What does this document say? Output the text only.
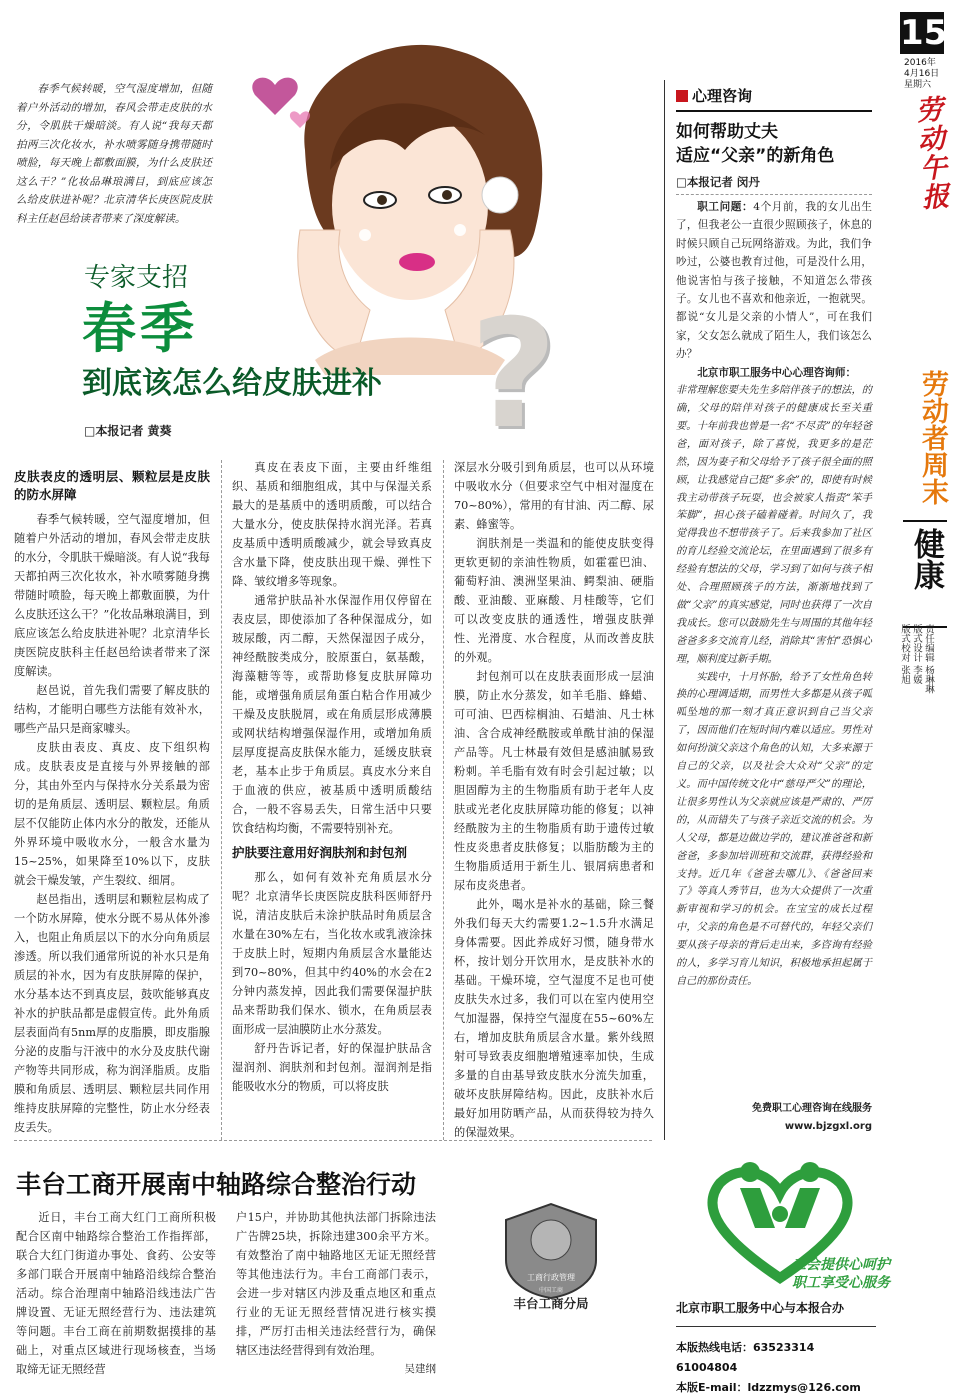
15
2016年
4月16日
星期六
劳动午报
劳动者周末
健康
责任编辑 杨琳琳
版式设计 李媛
版式校对 张旭
?

春季气候转暖，空气湿度增加，但随着户外活动的增加，春风会带走皮肤的水分，令肌肤干燥暗淡。有人说“我每天都拍两三次化妆水，补水喷雾随身携带随时喷脸，每天晚上都敷面膜，为什么皮肤还这么干？”化妆品琳琅满目，到底应该怎么给皮肤进补呢？北京清华长庚医院皮肤科主任赵邑给读者带来了深度解读。

专家支招
春季
到底该怎么给皮肤进补
□本报记者 黄葵
皮肤表皮的透明层、颗粒层是皮肤的防水屏障

春季气候转暖，空气湿度增加，但随着户外活动的增加，春风会带走皮肤的水分，令肌肤干燥暗淡。有人说“我每天都拍两三次化妆水，补水喷雾随身携带随时喷脸，每天晚上都敷面膜，为什么皮肤还这么干？”化妆品琳琅满目，到底应该怎么给皮肤进补呢？北京清华长庚医院皮肤科主任赵邑给读者带来了深度解读。

赵邑说，首先我们需要了解皮肤的结构，才能明白哪些方法能有效补水，哪些产品只是商家噱头。

皮肤由表皮、真皮、皮下组织构成。皮肤表皮是直接与外界接触的部分，其由外至内与保持水分关系最为密切的是角质层、透明层、颗粒层。角质层不仅能防止体内水分的散发，还能从外界环境中吸收水分，一般含水量为15~25%，如果降至10%以下，皮肤就会干燥发皱，产生裂纹、细屑。

赵邑指出，透明层和颗粒层构成了一个防水屏障，使水分既不易从体外渗入，也阻止角质层以下的水分向角质层渗透。所以我们通常所说的补水只是角质层的补水，因为有皮肤屏障的保护，水分基本达不到真皮层，鼓吹能够真皮补水的护肤品都是虚假宣传。此外角质层表面尚有5nm厚的皮脂膜，即皮脂腺分泌的皮脂与汗液中的水分及皮肤代谢产物等共同形成，称为润泽脂质。皮脂膜和角质层、透明层、颗粒层共同作用维持皮肤屏障的完整性，防止水分经表皮丢失。

真皮在表皮下面，主要由纤维组织、基质和细胞组成，其中与保湿关系最大的是基质中的透明质酸，可以结合大量水分，使皮肤保持水润光泽。若真皮基质中透明质酸减少，就会导致真皮含水量下降，使皮肤出现干燥、弹性下降、皱纹增多等现象。

通常护肤品补水保湿作用仅停留在表皮层，即使添加了各种保湿成分，如玻尿酸，丙二醇，天然保湿因子成分，神经酰胺类成分，胶原蛋白，氨基酸，海藻糖等等，或帮助修复皮肤屏障功能，或增强角质层角蛋白粘合作用减少干燥及皮肤脱屑，或在角质层形成薄膜或网状结构增强保湿作用，或增加角质层厚度提高皮肤保水能力，延缓皮肤衰老，基本止步于角质层。真皮水分来自于血液的供应，被基质中透明质酸结合，一般不容易丢失，日常生活中只要饮食结构均衡，不需要特别补充。

护肤要注意用好润肤剂和封包剂

那么，如何有效补充角质层水分呢？北京清华长庚医院皮肤科医师舒丹说，清洁皮肤后未涂护肤品时角质层含水量在30%左右，当化妆水或乳液涂抹于皮肤上时，短期内角质层含水量能达到70~80%，但其中约40%的水会在2分钟内蒸发掉，因此我们需要保湿护肤品来帮助我们保水、锁水，在角质层表面形成一层油膜防止水分蒸发。

舒丹告诉记者，好的保湿护肤品含湿润剂、润肤剂和封包剂。湿润剂是指能吸收水分的物质，可以将皮肤

深层水分吸引到角质层，也可以从环境中吸收水分（但要求空气中相对湿度在70~80%），常用的有甘油、丙二醇、尿素、蜂蜜等。

润肤剂是一类温和的能使皮肤变得更软更韧的亲油性物质，如霍霍巴油、葡萄籽油、澳洲坚果油、鳄梨油、硬脂酸、亚油酸、亚麻酸、月桂酸等，它们可以改变皮肤的通透性，增强皮肤弹性、光滑度、水合程度，从而改善皮肤的外观。

封包剂可以在皮肤表面形成一层油膜，防止水分蒸发，如羊毛脂、蜂蜡、可可油、巴西棕榈油、石蜡油、凡士林油、含合成神经酰胺或单酰甘油的保湿产品等。凡士林最有效但是感油腻易致粉刺。羊毛脂有效有时会引起过敏；以胆固醇为主的生物脂质有助于老年人皮肤或光老化皮肤屏障功能的修复；以神经酰胺为主的生物脂质有助于遗传过敏性皮炎患者皮肤修复；以脂肪酸为主的生物脂质适用于新生儿、银屑病患者和尿布皮炎患者。

此外，喝水是补水的基础，除三餐外我们每天大约需要1.2~1.5升水满足身体需要。因此养成好习惯，随身带水杯，按计划分开饮用水，是皮肤补水的基础。干燥环境，空气湿度不足也可使皮肤失水过多，我们可以在室内使用空气加湿器，保持空气湿度在55~60%左右，增加皮肤角质层含水量。紫外线照射可导致表皮细胞增殖速率加快，生成多量的自由基导致皮肤水分流失加重，破坏皮肤屏障结构。因此，皮肤补水后最好加用防晒产品，从而获得较为持久的保湿效果。

心理咨询
如何帮助丈夫
适应“父亲”的新角色
□本报记者 闵丹

职工问题：4个月前，我的女儿出生了，但我老公一直很少照顾孩子，休息的时候只顾自己玩网络游戏。为此，我们争吵过，公婆也教育过他，可是没什么用，他说害怕与孩子接触，不知道怎么带孩子。女儿也不喜欢和他亲近，一抱就哭。都说“女儿是父亲的小情人”，可在我们家，父女怎么就成了陌生人，我们该怎么办？

北京市职工服务中心心理咨询师：

非常理解您要夫先生多陪伴孩子的想法，的确，父母的陪伴对孩子的健康成长至关重要。十年前我也曾是一名“不尽责”的年轻爸爸，面对孩子，除了喜悦，我更多的是茫然，因为妻子和父母给予了孩子很全面的照顾，让我感觉自己挺“多余”的，即使有时候我主动带孩子玩耍，也会被家人指责“笨手笨脚”，担心孩子磕着碰着。时间久了，我觉得我也不想带孩子了。后来我参加了社区的育儿经验交流论坛，在里面遇到了很多有经验有想法的父母，学习到了如何与孩子相处、合理照顾孩子的方法，渐渐地找到了做“父亲”的真实感觉，同时也获得了一次自我成长。您可以鼓励先生与周围的其他年轻爸爸多多交流育儿经，消除其“害怕”恐惧心理，顺利度过新手期。

实践中，十月怀胎，给予了女性角色转换的心理调适期，而男性大多都是从孩子呱呱坠地的那一刻才真正意识到自己当父亲了，因而他们在短时间内难以适应。男性对如何扮演父亲这个角色的认知，大多来源于自己的父亲，以及社会大众对“父亲”的定义。而中国传统文化中“慈母严父”的理论，让很多男性认为父亲就应该是严肃的、严厉的，从而错失了与孩子亲近交流的机会。为人父母，都是边做边学的，建议准爸爸和新爸爸，多参加培训班和交流群，获得经验和支持。近几年《爸爸去哪儿》、《爸爸回来了》等真人秀节目，也为大众提供了一次重新审视和学习的机会。在宝宝的成长过程中，父亲的角色是不可替代的，年轻父亲们要从孩子母亲的背后走出来，多咨询有经验的人，多学习育儿知识，积极地承担起属于自己的那份责任。

免费职工心理咨询在线服务
www.bjzgxl.org
丰台工商开展南中轴路综合整治行动

近日，丰台工商大红门工商所积极配合区南中轴路综合整治工作指挥部，联合大红门街道办事处、食药、公安等多部门联合开展南中轴路沿线综合整治活动。综合治理南中轴路沿线违法广告牌设置、无证无照经营行为、违法建筑等问题。丰台工商在前期数据摸排的基础上，对重点区域进行现场核查，当场取缔无证无照经营

户15户，并协助其他执法部门拆除违法广告牌25块，拆除违建300余平方米。有效整治了南中轴路地区无证无照经营等其他违法行为。丰台工商部门表示，会进一步对辖区内涉及重点地区和重点行业的无证无照经营情况进行核实摸排，严厉打击相关违法经营行为，确保辖区违法经营得到有效治理。

吴建纲
工商行政管理
中国工商
丰台工商分局
工会提供心呵护
职工享受心服务
北京市职工服务中心与本报合办
本版热线电话：63523314 61004804
本版E-mail：ldzzmys@126.com
